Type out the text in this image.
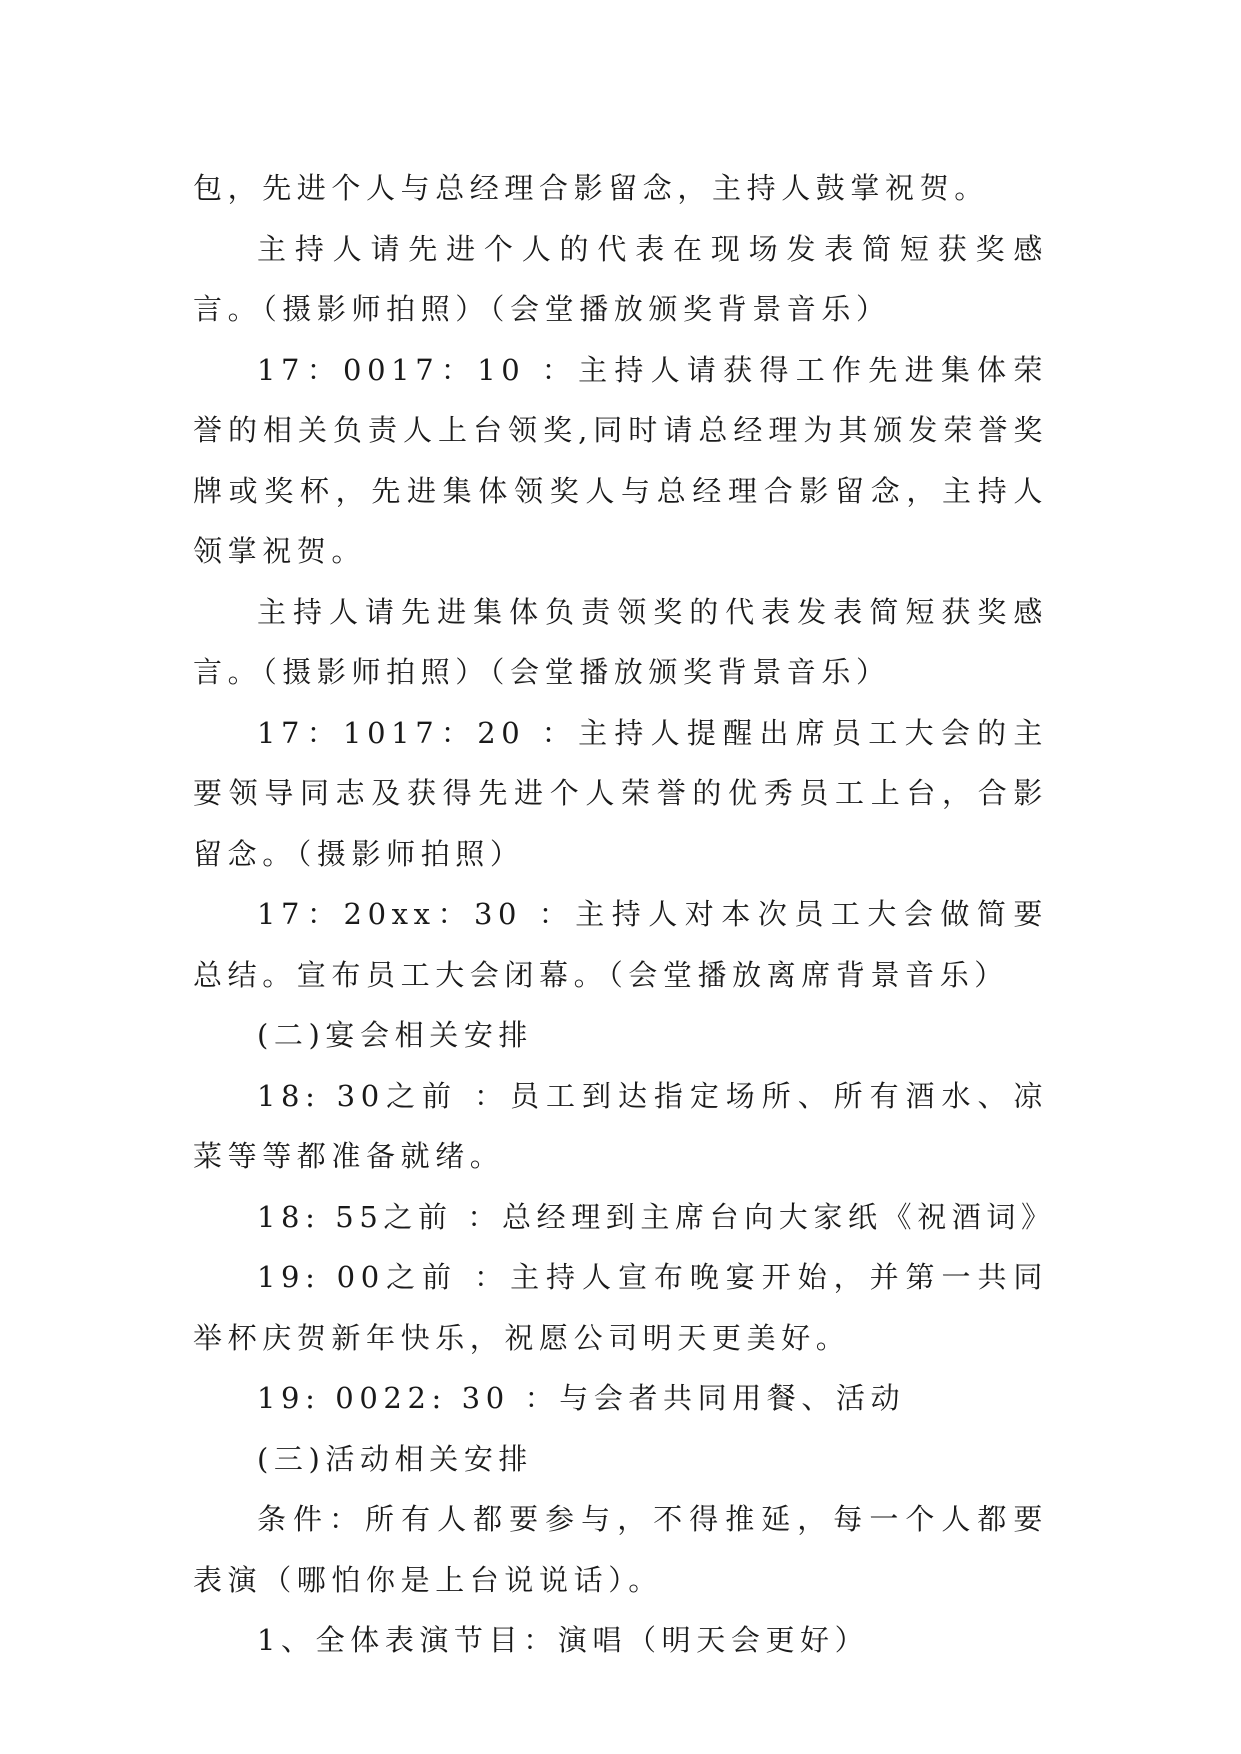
包，先进个人与总经理合影留念，主持人鼓掌祝贺。

主持人请先进个人的代表在现场发表简短获奖感言。（摄影师拍照）（会堂播放颁奖背景音乐）

17：0017：10 ：主持人请获得工作先进集体荣誉的相关负责人上台领奖,同时请总经理为其颁发荣誉奖牌或奖杯，先进集体领奖人与总经理合影留念，主持人领掌祝贺。

主持人请先进集体负责领奖的代表发表简短获奖感言。（摄影师拍照）（会堂播放颁奖背景音乐）

17：1017：20 ：主持人提醒出席员工大会的主要领导同志及获得先进个人荣誉的优秀员工上台，合影留念。（摄影师拍照）

17：20xx：30 ：主持人对本次员工大会做简要总结。宣布员工大会闭幕。（会堂播放离席背景音乐）

(二)宴会相关安排

18: 30之前 ：员工到达指定场所、所有酒水、凉菜等等都准备就绪。

18: 55之前 ：总经理到主席台向大家纸《祝酒词》

19: 00之前 ：主持人宣布晚宴开始，并第一共同举杯庆贺新年快乐，祝愿公司明天更美好。

19: 0022: 30 ：与会者共同用餐、活动

(三)活动相关安排

条件：所有人都要参与，不得推延，每一个人都要表演（哪怕你是上台说说话）。

1、全体表演节目：演唱（明天会更好）
